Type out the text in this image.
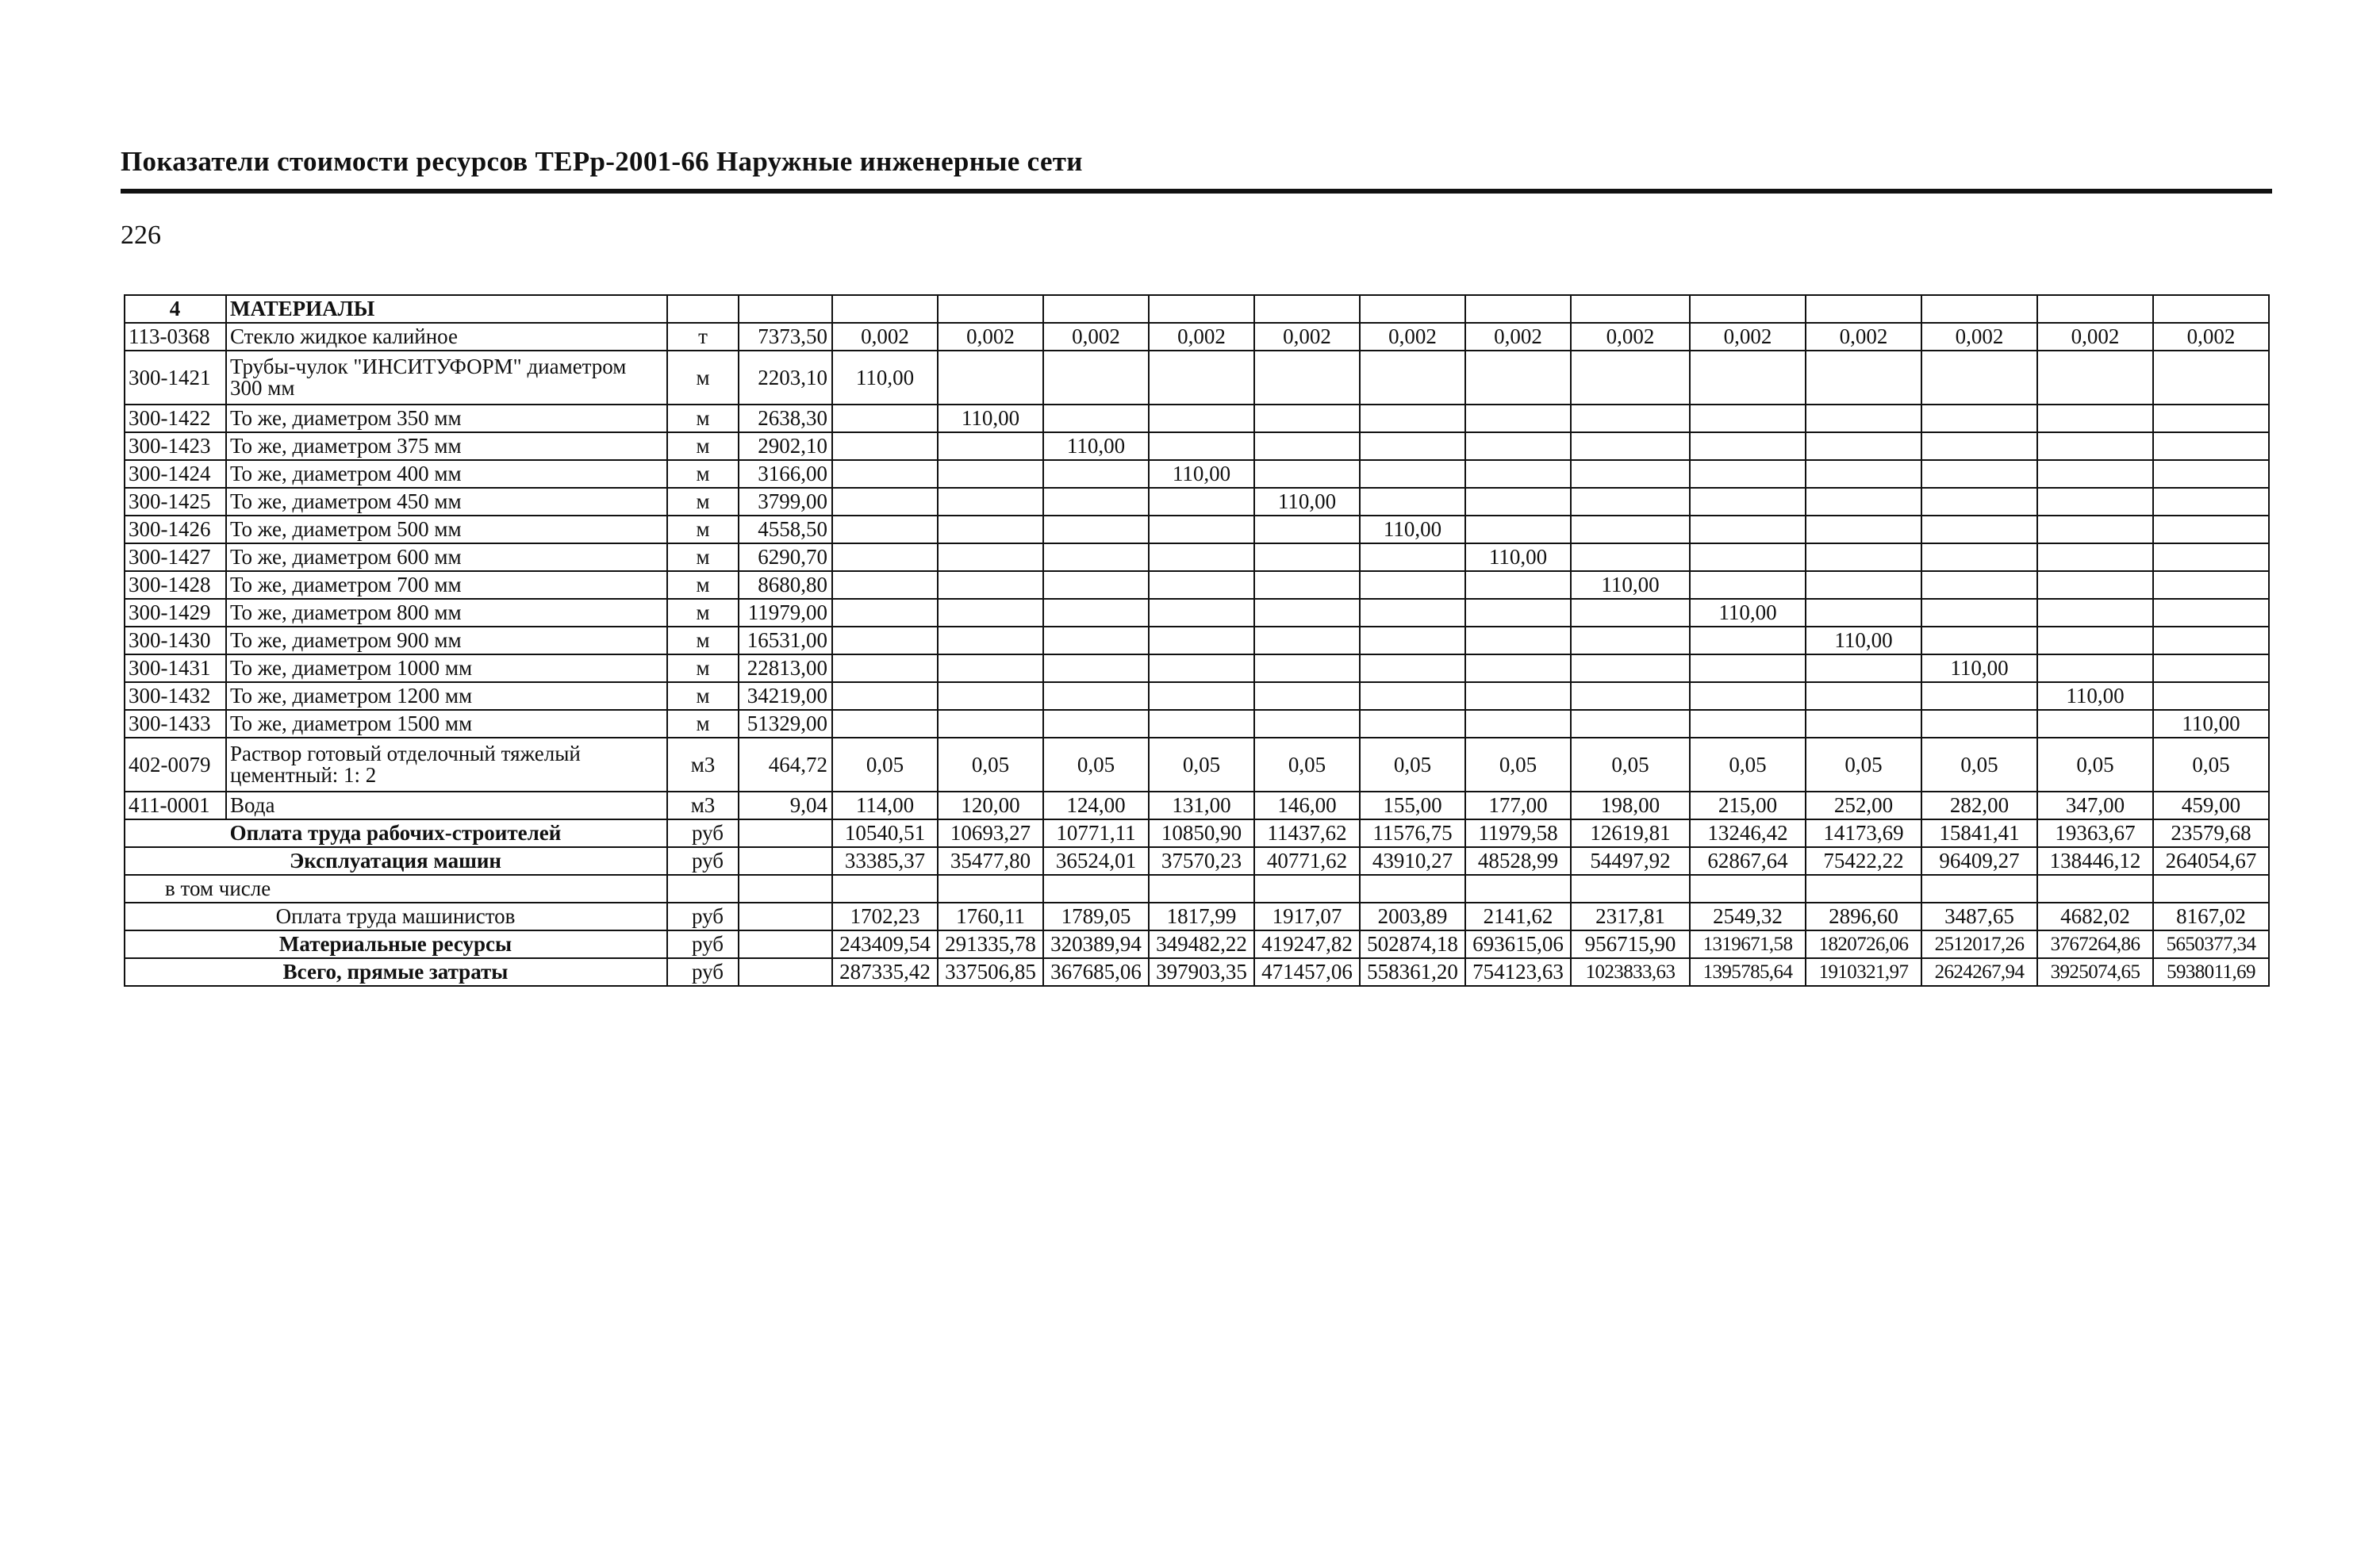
Показатели стоимости ресурсов ТЕРр-2001-66 Наружные инженерные сети
226
4	МАТЕРИАЛЫ															
113-0368	Стекло жидкое калийное	т	7373,50	0,002	0,002	0,002	0,002	0,002	0,002	0,002	0,002	0,002	0,002	0,002	0,002	0,002
300-1421	Трубы-чулок "ИНСИТУФОРМ" диаметром 300 мм	м	2203,10	110,00												
300-1422	То же, диаметром 350 мм	м	2638,30		110,00											
300-1423	То же, диаметром 375 мм	м	2902,10			110,00										
300-1424	То же, диаметром 400 мм	м	3166,00				110,00									
300-1425	То же, диаметром 450 мм	м	3799,00					110,00								
300-1426	То же, диаметром 500 мм	м	4558,50						110,00							
300-1427	То же, диаметром 600 мм	м	6290,70							110,00						
300-1428	То же, диаметром 700 мм	м	8680,80								110,00					
300-1429	То же, диаметром 800 мм	м	11979,00									110,00				
300-1430	То же, диаметром 900 мм	м	16531,00										110,00			
300-1431	То же, диаметром 1000 мм	м	22813,00											110,00		
300-1432	То же, диаметром 1200 мм	м	34219,00												110,00	
300-1433	То же, диаметром 1500 мм	м	51329,00													110,00
402-0079	Раствор готовый отделочный тяжелый цементный: 1: 2	м3	464,72	0,05	0,05	0,05	0,05	0,05	0,05	0,05	0,05	0,05	0,05	0,05	0,05	0,05
411-0001	Вода	м3	9,04	114,00	120,00	124,00	131,00	146,00	155,00	177,00	198,00	215,00	252,00	282,00	347,00	459,00
Оплата труда рабочих-строителей		руб		10540,51	10693,27	10771,11	10850,90	11437,62	11576,75	11979,58	12619,81	13246,42	14173,69	15841,41	19363,67	23579,68
Эксплуатация машин		руб		33385,37	35477,80	36524,01	37570,23	40771,62	43910,27	48528,99	54497,92	62867,64	75422,22	96409,27	138446,12	264054,67
в том числе																
Оплата труда машинистов		руб		1702,23	1760,11	1789,05	1817,99	1917,07	2003,89	2141,62	2317,81	2549,32	2896,60	3487,65	4682,02	8167,02
Материальные ресурсы		руб		243409,54	291335,78	320389,94	349482,22	419247,82	502874,18	693615,06	956715,90	1319671,58	1820726,06	2512017,26	3767264,86	5650377,34
Всего, прямые затраты		руб		287335,42	337506,85	367685,06	397903,35	471457,06	558361,20	754123,63	1023833,63	1395785,64	1910321,97	2624267,94	3925074,65	5938011,69
